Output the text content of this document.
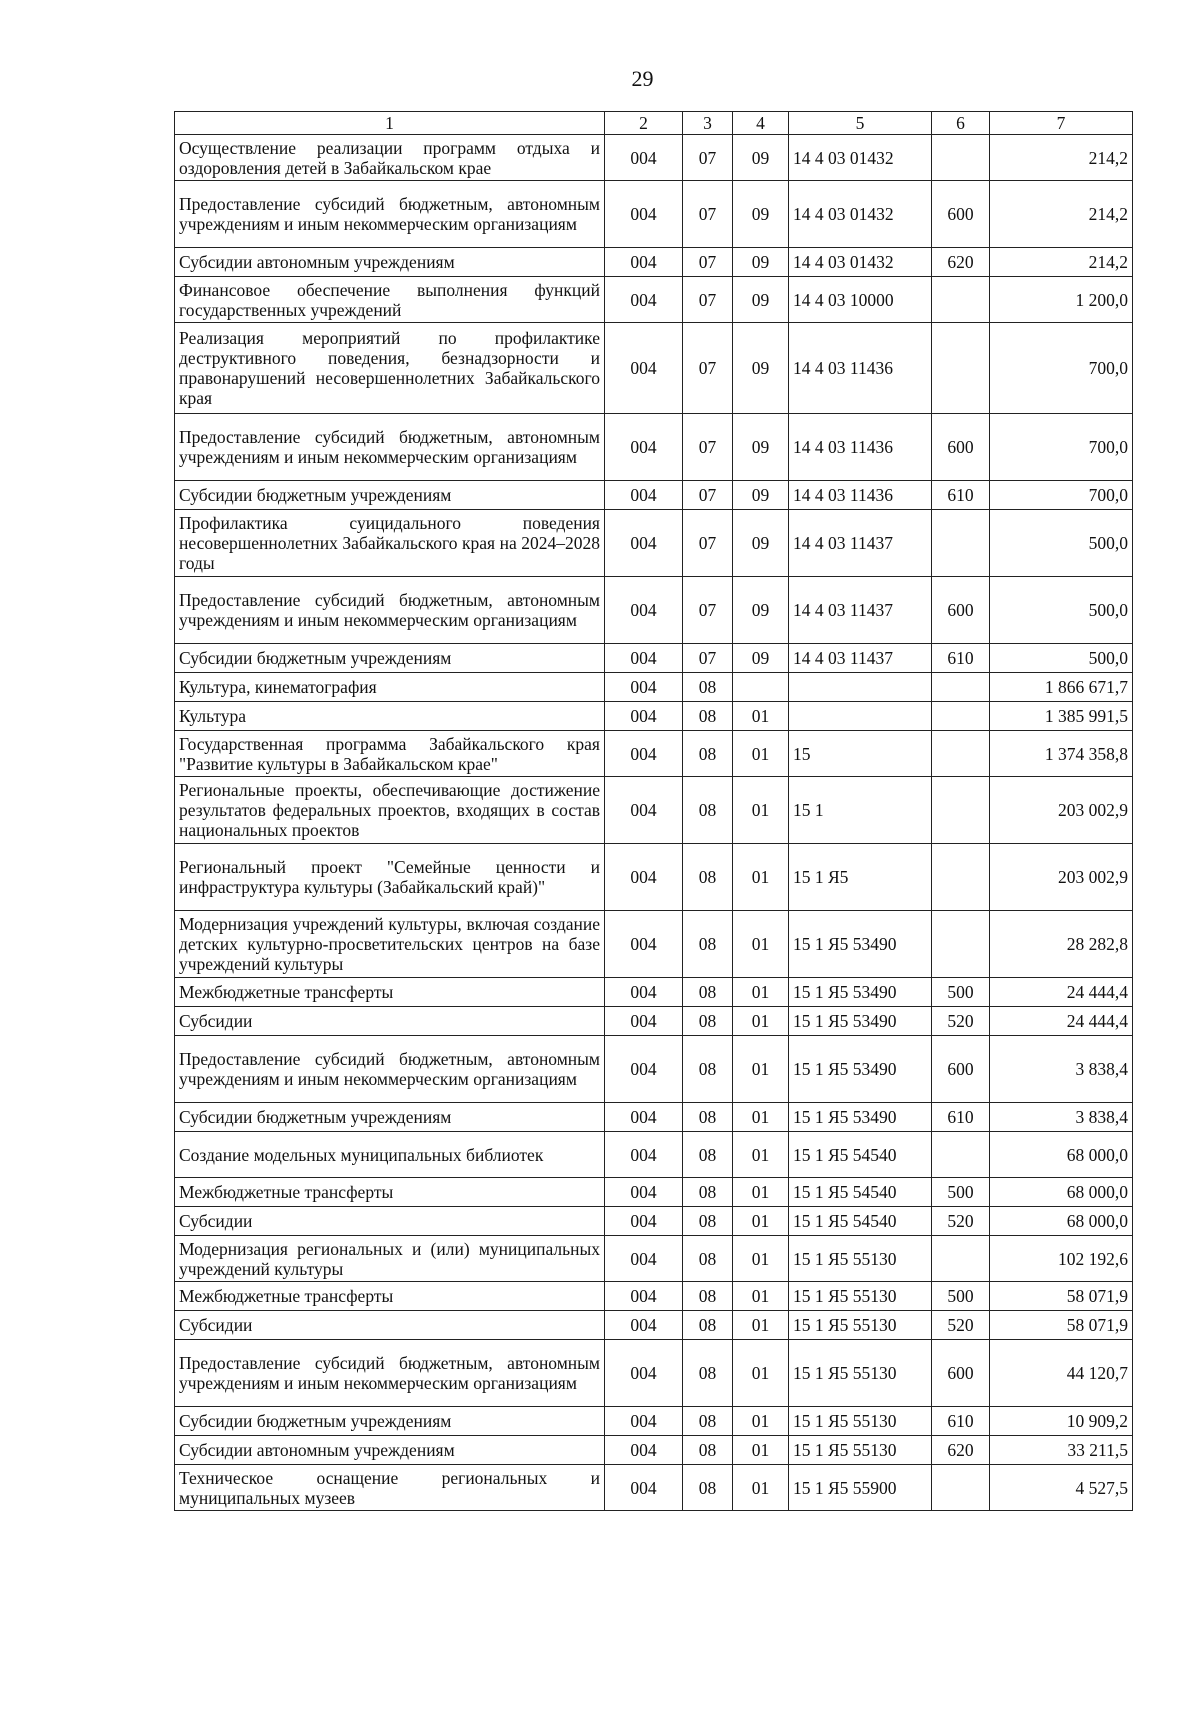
29
1	2	3	4	5	6	7
Осуществление реализации программ отдыха и оздоровления детей в Забайкальском крае	004	07	09	14 4 03 01432		214,2
Предоставление субсидий бюджетным, автономным учреждениям и иным некоммерческим организациям	004	07	09	14 4 03 01432	600	214,2
Субсидии автономным учреждениям	004	07	09	14 4 03 01432	620	214,2
Финансовое обеспечение выполнения функций государственных учреждений	004	07	09	14 4 03 10000		1 200,0
Реализация мероприятий по профилактике деструктивного поведения, безнадзорности и правонарушений несовершеннолетних Забайкальского края	004	07	09	14 4 03 11436		700,0
Предоставление субсидий бюджетным, автономным учреждениям и иным некоммерческим организациям	004	07	09	14 4 03 11436	600	700,0
Субсидии бюджетным учреждениям	004	07	09	14 4 03 11436	610	700,0
Профилактика суицидального поведения несовершеннолетних Забайкальского края на 2024–2028 годы	004	07	09	14 4 03 11437		500,0
Предоставление субсидий бюджетным, автономным учреждениям и иным некоммерческим организациям	004	07	09	14 4 03 11437	600	500,0
Субсидии бюджетным учреждениям	004	07	09	14 4 03 11437	610	500,0
Культура, кинематография	004	08				1 866 671,7
Культура	004	08	01			1 385 991,5
Государственная программа Забайкальского края "Развитие культуры в Забайкальском крае"	004	08	01	15		1 374 358,8
Региональные проекты, обеспечивающие достижение результатов федеральных проектов, входящих в состав национальных проектов	004	08	01	15 1		203 002,9
Региональный проект "Семейные ценности и инфраструктура культуры (Забайкальский край)"	004	08	01	15 1 Я5		203 002,9
Модернизация учреждений культуры, включая создание детских культурно-просветительских центров на базе учреждений культуры	004	08	01	15 1 Я5 53490		28 282,8
Межбюджетные трансферты	004	08	01	15 1 Я5 53490	500	24 444,4
Субсидии	004	08	01	15 1 Я5 53490	520	24 444,4
Предоставление субсидий бюджетным, автономным учреждениям и иным некоммерческим организациям	004	08	01	15 1 Я5 53490	600	3 838,4
Субсидии бюджетным учреждениям	004	08	01	15 1 Я5 53490	610	3 838,4
Создание модельных муниципальных библиотек	004	08	01	15 1 Я5 54540		68 000,0
Межбюджетные трансферты	004	08	01	15 1 Я5 54540	500	68 000,0
Субсидии	004	08	01	15 1 Я5 54540	520	68 000,0
Модернизация региональных и (или) муниципальных учреждений культуры	004	08	01	15 1 Я5 55130		102 192,6
Межбюджетные трансферты	004	08	01	15 1 Я5 55130	500	58 071,9
Субсидии	004	08	01	15 1 Я5 55130	520	58 071,9
Предоставление субсидий бюджетным, автономным учреждениям и иным некоммерческим организациям	004	08	01	15 1 Я5 55130	600	44 120,7
Субсидии бюджетным учреждениям	004	08	01	15 1 Я5 55130	610	10 909,2
Субсидии автономным учреждениям	004	08	01	15 1 Я5 55130	620	33 211,5
Техническое оснащение региональных и муниципальных музеев	004	08	01	15 1 Я5 55900		4 527,5
